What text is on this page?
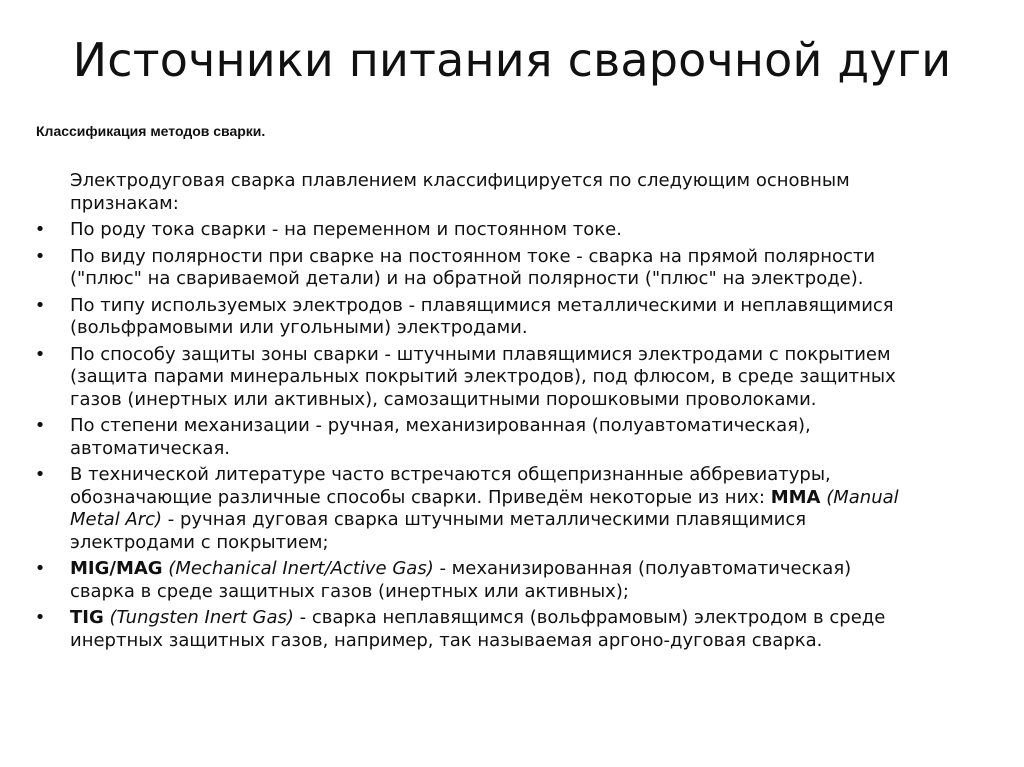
Источники питания сварочной дуги
Классификация методов сварки.
Электродуговая сварка плавлением классифицируется по следующим основным
признакам:
• По роду тока сварки - на переменном и постоянном токе.
• По виду полярности при сварке на постоянном токе - сварка на прямой полярности
("плюс" на свариваемой детали) и на обратной полярности ("плюс" на электроде).
• По типу используемых электродов - плавящимися металлическими и неплавящимися
(вольфрамовыми или угольными) электродами.
• По способу защиты зоны сварки - штучными плавящимися электродами с покрытием
(защита парами минеральных покрытий электродов), под флюсом, в среде защитных
газов (инертных или активных), самозащитными порошковыми проволоками.
• По степени механизации - ручная, механизированная (полуавтоматическая),
автоматическая.
• В технической литературе часто встречаются общепризнанные аббревиатуры,
обозначающие различные способы сварки. Приведём некоторые из них: MMA (Manual
Metal Arc) - ручная дуговая сварка штучными металлическими плавящимися
электродами с покрытием;
• MIG/MAG (Mechanical Inert/Active Gas) - механизированная (полуавтоматическая)
сварка в среде защитных газов (инертных или активных);
• TIG (Tungsten Inert Gas) - сварка неплавящимся (вольфрамовым) электродом в среде
инертных защитных газов, например, так называемая аргоно-дуговая сварка.
